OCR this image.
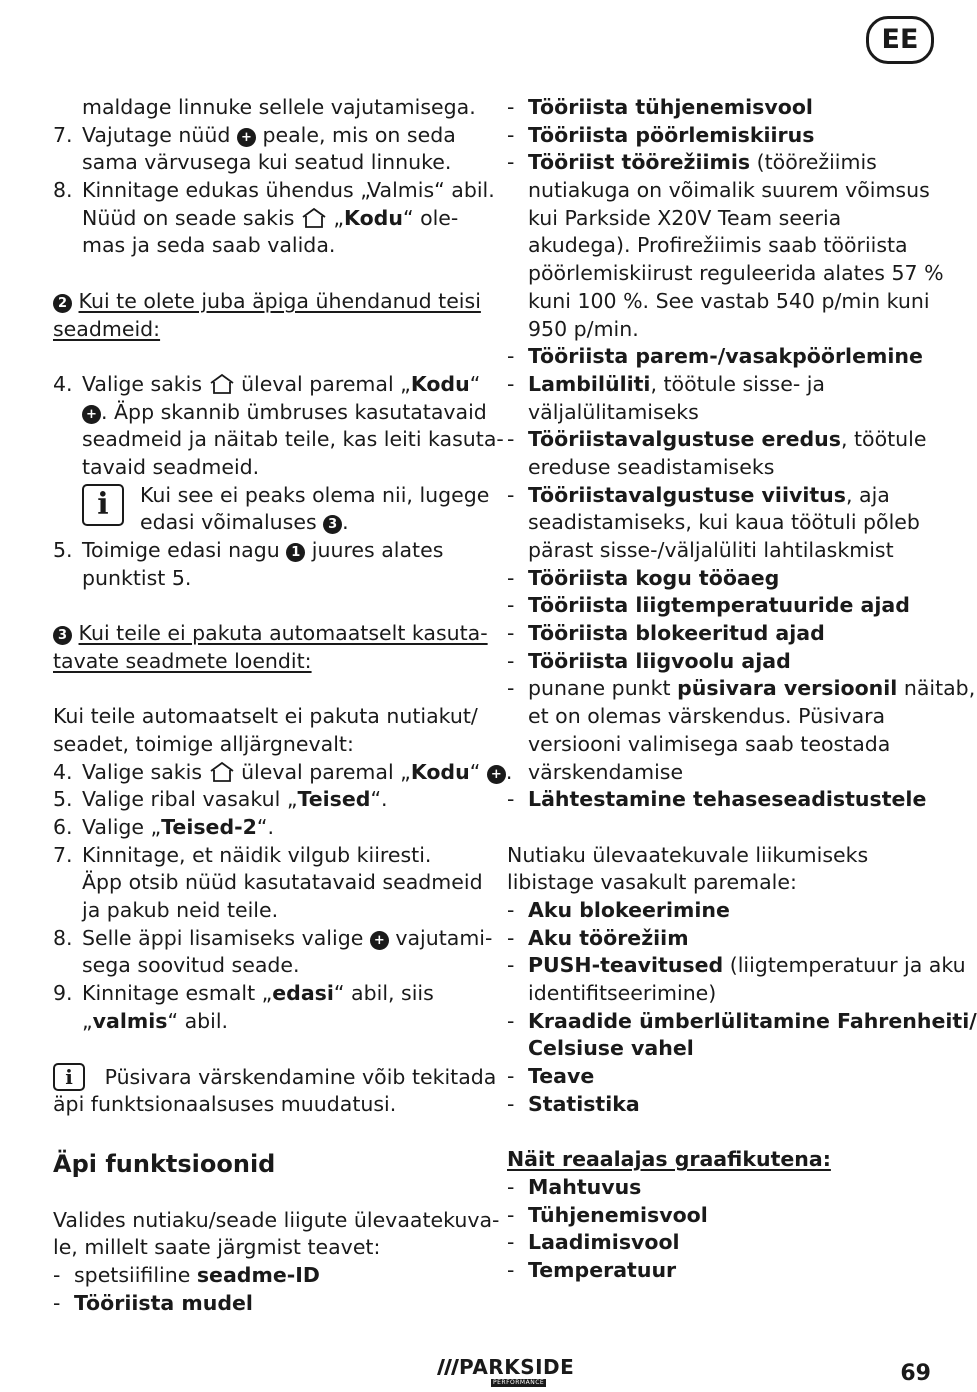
EE
maldage linnuke sellele vajutamisega.
7. Vajutage nüüd + peale, mis on seda
sama värvusega kui seatud linnuke.
8. Kinnitage edukas ühendus „Valmis“ abil.
Nüüd on seade sakis  „Kodu“ ole-
mas ja seda saab valida.
2 Kui te olete juba äpiga ühendanud teisi
seadmeid:
4. Valige sakis  üleval paremal „Kodu“
+ . Äpp skannib ümbruses kasutatavaid
seadmeid ja näitab teile, kas leiti kasuta-
tavaid seadmeid.
i	Kui see ei peaks olema nii, lugege
edasi võimaluses 3 .
5. Toimige edasi nagu 1 juures alates
punktist 5.
3 Kui teile ei pakuta automaatselt kasuta-
tavate seadmete loendit:
Kui teile automaatselt ei pakuta nutiakut/
seadet, toimige alljärgnevalt:
4. Valige sakis  üleval paremal „Kodu“ + .
5. Valige ribal vasakul „Teised“.
6. Valige „Teised-2“.
7. Kinnitage, et näidik vilgub kiiresti.
Äpp otsib nüüd kasutatavaid seadmeid
ja pakub neid teile.
8. Selle äppi lisamiseks valige + vajutami-
sega soovitud seade.
9. Kinnitage esmalt „edasi“ abil, siis
„valmis“ abil.
i Püsivara värskendamine võib tekitada
äpi funktsionaalsuses muudatusi.
Äpi funktsioonid
Valides nutiaku/seade liigute ülevaatekuva-
le, millelt saate järgmist teavet:
- spetsiifiline seadme-ID
- Tööriista mudel
- Tööriista tühjenemisvool
- Tööriista pöörlemiskiirus
- Tööriist töörežiimis (töörežiimis
nutiakuga on võimalik suurem võimsus
kui Parkside X20V Team seeria
akudega). Profirežiimis saab tööriista
pöörlemiskiirust reguleerida alates 57 %
kuni 100 %. See vastab 540 p/min kuni
950 p/min.
- Tööriista parem-/vasakpöörlemine
- Lambilüliti, töötule sisse- ja
väljalülitamiseks
- Tööriistavalgustuse eredus, töötule
ereduse seadistamiseks
- Tööriistavalgustuse viivitus, aja
seadistamiseks, kui kaua töötuli põleb
pärast sisse-/väljalüliti lahtilaskmist
- Tööriista kogu tööaeg
- Tööriista liigtemperatuuride ajad
- Tööriista blokeeritud ajad
- Tööriista liigvoolu ajad
- punane punkt püsivara versioonil näitab,
et on olemas värskendus. Püsivara
versiooni valimisega saab teostada
värskendamise
- Lähtestamine tehaseseadistustele
Nutiaku ülevaatekuvale liikumiseks
libistage vasakult paremale:
- Aku blokeerimine
- Aku töörežiim
- PUSH-teavitused (liigtemperatuur ja aku
identifitseerimine)
- Kraadide ümberlülitamine Fahrenheiti/
Celsiuse vahel
- Teave
- Statistika
Näit reaalajas graafikutena:
- Mahtuvus
- Tühjenemisvool
- Laadimisvool
- Temperatuur
PARKSIDE
PERFORMANCE	69
